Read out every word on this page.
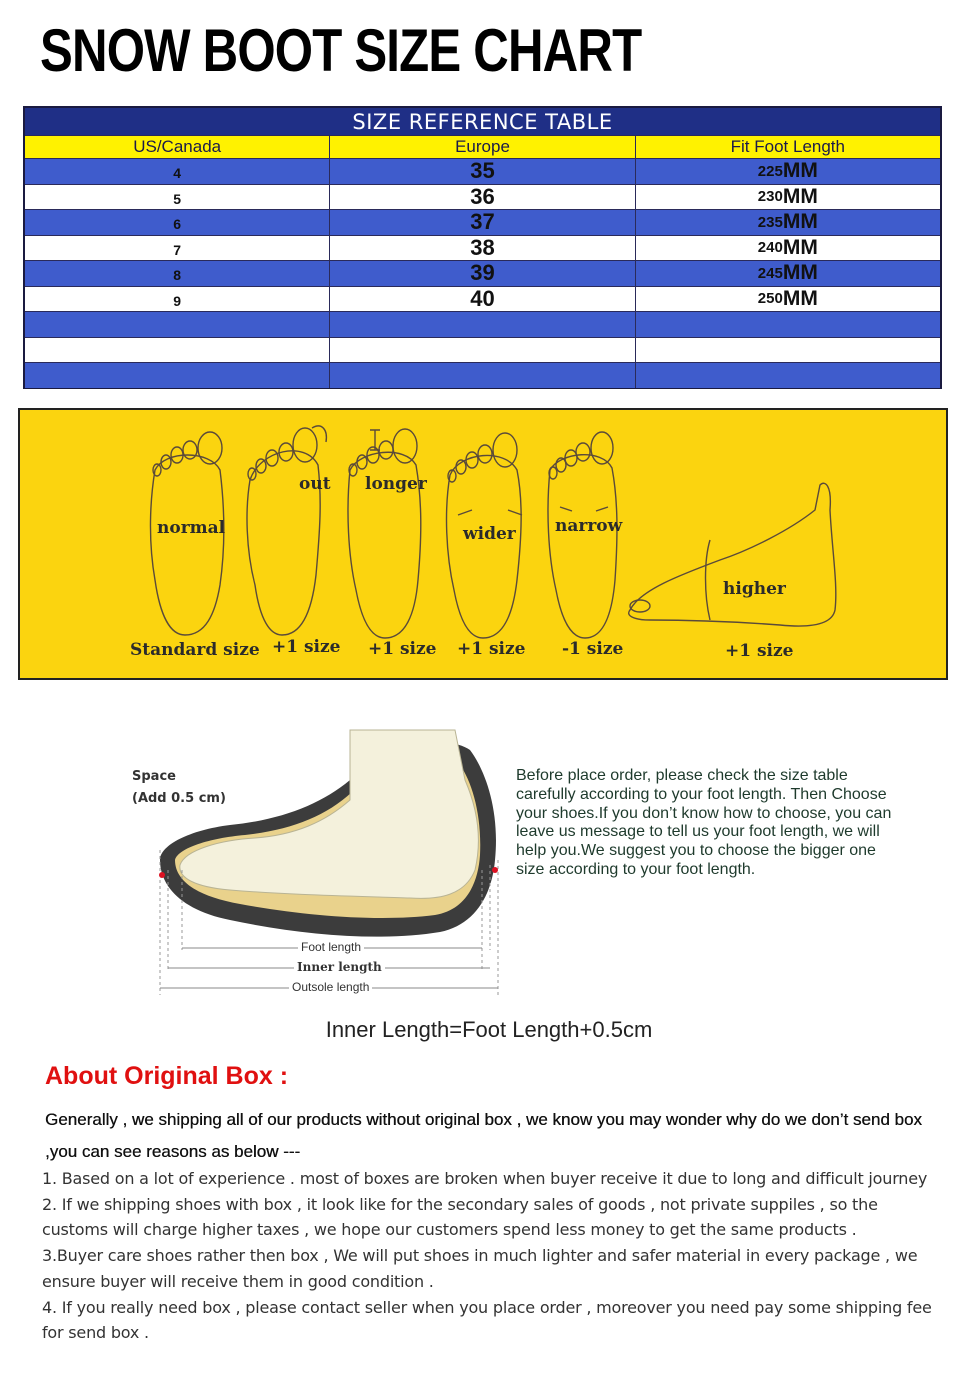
SNOW BOOT SIZE CHART
SIZE REFERENCE TABLE
US/Canada	Europe	Fit Foot Length
4	35	225 MM
5	36	230 MM
6	37	235 MM
7	38	240 MM
8	39	245 MM
9	40	250 MM
normal
Standard size
out
+1 size
longer
+1 size
wider
+1 size
narrow
-1 size
higher
+1 size
Space
(Add 0.5 cm)
Foot length
Inner length
Outsole length
Before place order, please check the size table carefully according to your foot length. Then Choose your shoes.If you don’t know how to choose, you can leave us message to tell us your foot length, we will help you.We suggest you to choose the bigger one size according to your foot length.
Inner Length=Foot Length+0.5cm
About Original Box :
Generally , we shipping all of our products without original box , we know you may wonder why do we don’t send box ,you can see reasons as below ---

1. Based on a lot of experience . most of boxes are broken when buyer receive it due to long and difficult journey

2. If we shipping shoes with box , it look like for the secondary sales of goods , not private suppiles , so the customs will charge higher taxes , we hope our customers spend less money to get the same products .

3.Buyer care shoes rather then box , We will put shoes in much lighter and safer material in every package , we ensure buyer will receive them in good condition .

4. If you really need box , please contact seller when you place order , moreover you need pay some shipping fee for send box .
